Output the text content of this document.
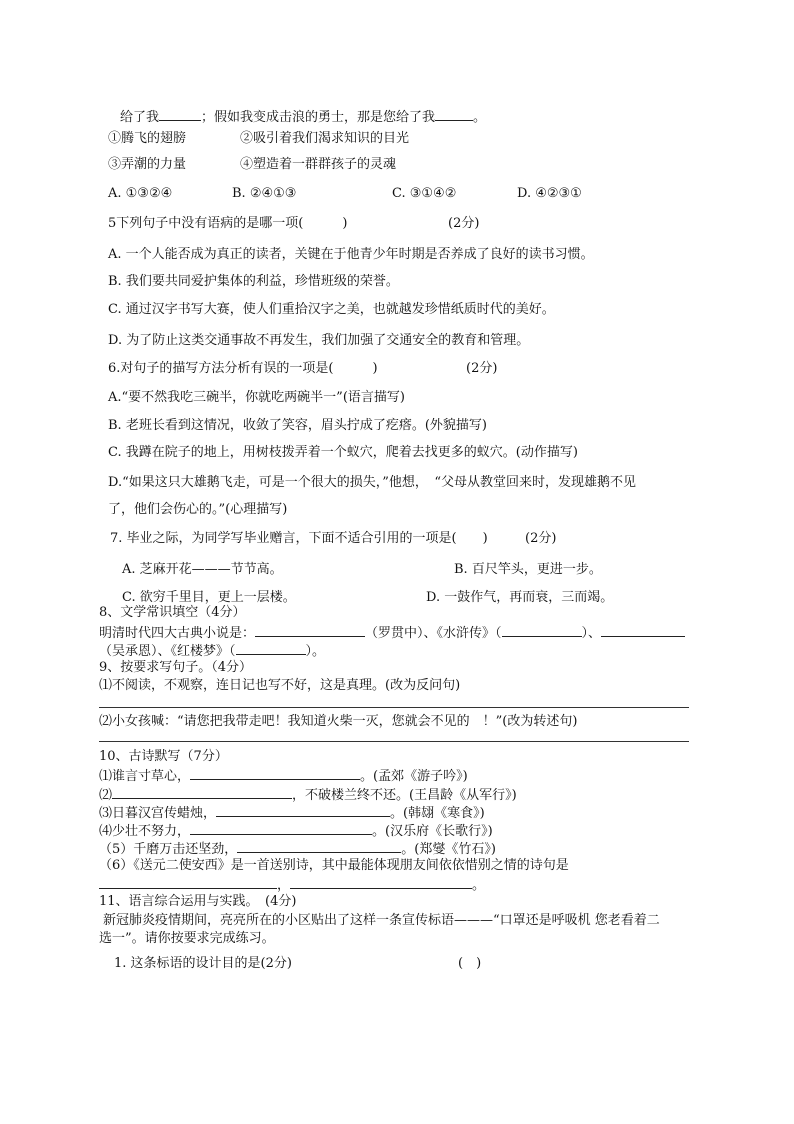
给了我	；假如我变成击浪的勇士，那是您给了我	。
①腾飞的翅膀	②吸引着我们渴求知识的目光
③弄潮的力量	④塑造着一群群孩子的灵魂
A. ①③②④	B. ②④①③	C. ③①④②	D. ④②③①
5下列句子中没有语病的是哪一项(　　　)	(2分)
A. 一个人能否成为真正的读者，关键在于他青少年时期是否养成了良好的读书习惯。
B. 我们要共同爱护集体的利益，珍惜班级的荣誉。
C. 通过汉字书写大赛，使人们重拾汉字之美，也就越发珍惜纸质时代的美好。
D. 为了防止这类交通事故不再发生，我们加强了交通安全的教育和管理。
6.对句子的描写方法分析有误的一项是(　　　)	(2分)
A.“要不然我吃三碗半，你就吃两碗半一”(语言描写)
B. 老班长看到这情况，收敛了笑容，眉头拧成了疙瘩。(外貌描写)
C. 我蹲在院子的地上，用树枝拨弄着一个蚁穴，爬着去找更多的蚁穴。(动作描写)
D.“如果这只大雄鹅飞走，可是一个很大的损失，”他想，　“父母从教堂回来时，发现雄鹅不见
了，他们会伤心的。”(心理描写)
7. 毕业之际，为同学写毕业赠言，下面不适合引用的一项是(　　)	(2分)
A. 芝麻开花———节节高。	B. 百尺竿头，更进一步。
C. 欲穷千里目，更上一层楼。	D. 一鼓作气，再而衰，三而竭。
8、文学常识填空（4分）
明清时代四大古典小说是：	（罗贯中）、《水浒传》（	）、
（吴承恩）、《红楼梦》（	）。
9、按要求写句子。（4分）
⑴不阅读，不观察，连日记也写不好，这是真理。(改为反问句)
⑵小女孩喊：“请您把我带走吧！我知道火柴一灭，您就会不见的　！”(改为转述句)
10、古诗默写（7分）
⑴谁言寸草心，	。(孟郊《游子吟》)
⑵	，不破楼兰终不还。(王昌龄《从军行》)
⑶日暮汉宫传蜡烛，	。(韩翃《寒食》)
⑷少壮不努力，	。(汉乐府《长歌行》)
（5）千磨万击还坚劲，	。(郑燮《竹石》)
（6）《送元二使安西》是一首送别诗，其中最能体现朋友间依依惜别之情的诗句是
，	。
11、语言综合运用与实践。　(4分)
新冠肺炎疫情期间，亮亮所在的小区贴出了这样一条宣传标语———“口罩还是呼吸机 您老看着二
选一”。请你按要求完成练习。
1. 这条标语的设计目的是(2分)	(　)
